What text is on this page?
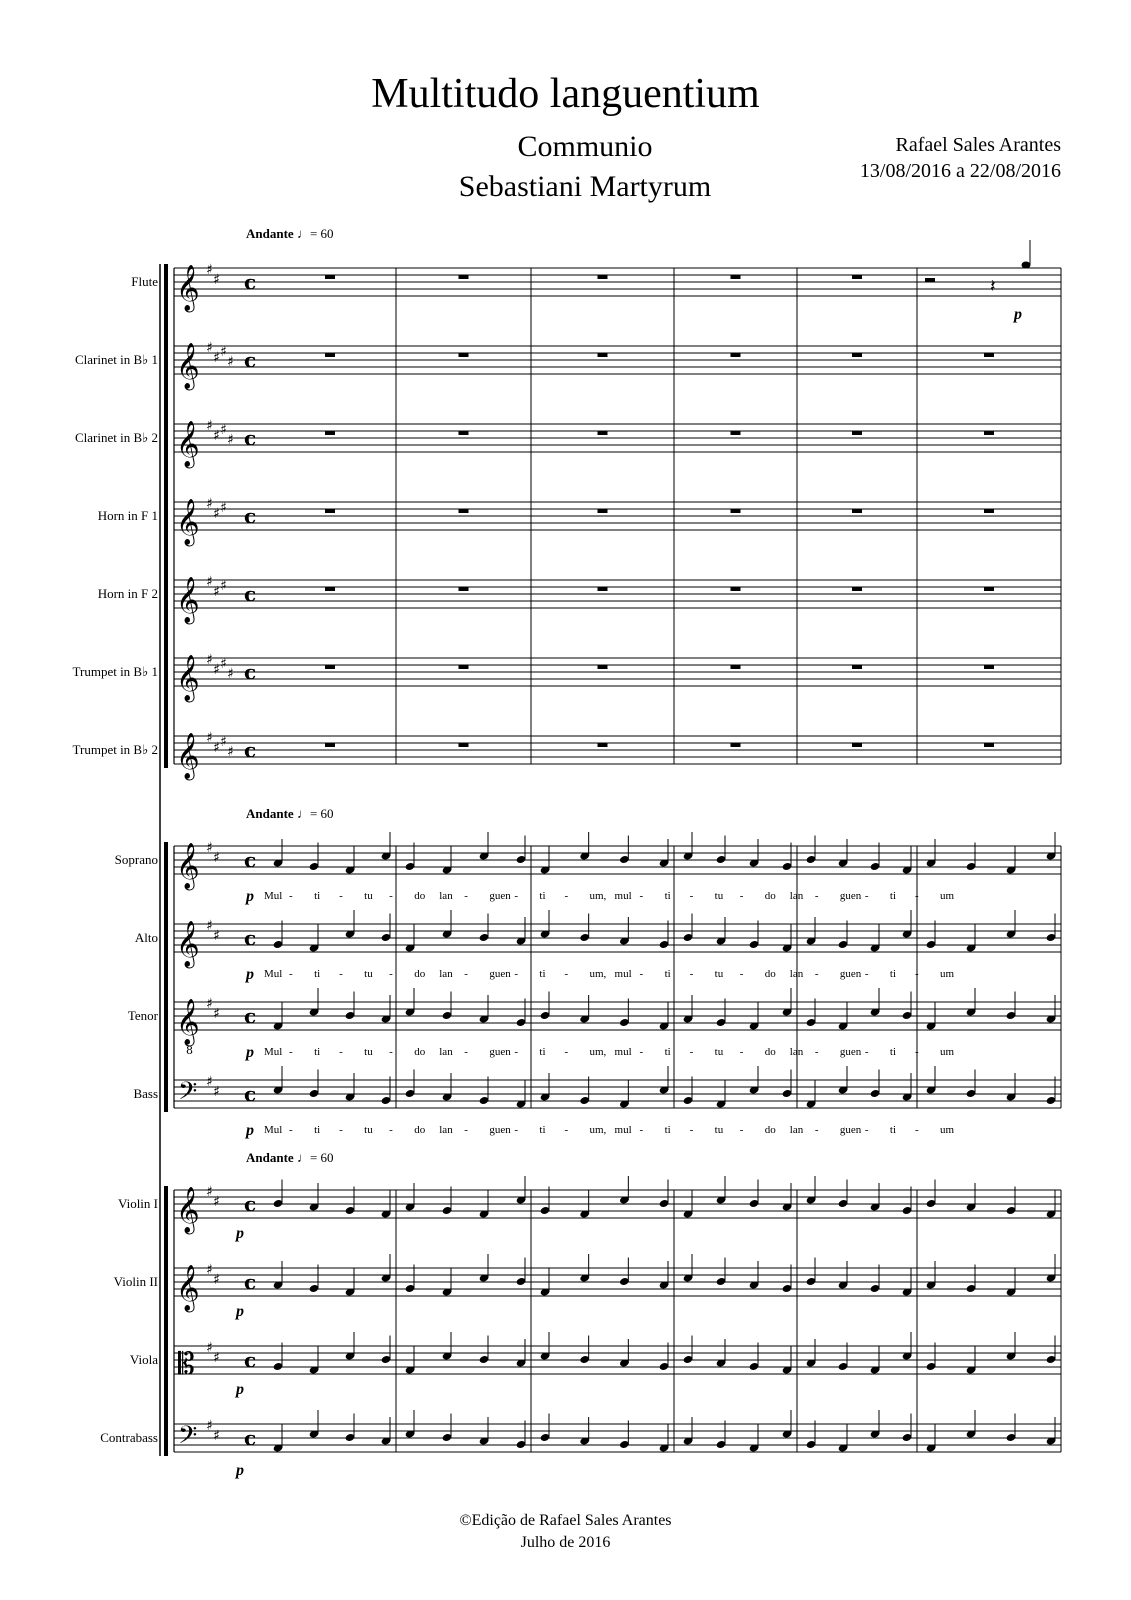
Multitudo languentium
Communio
Sebastiani Martyrum
Rafael Sales Arantes
13/08/2016 a 22/08/2016
𝄞 ♯
♯ c
𝄞 ♯
♯ ♯
♯ c
𝄞 ♯
♯ ♯
♯ c
𝄞 ♯
♯ ♯ c
𝄞 ♯
♯ ♯ c
𝄞 ♯
♯ ♯
♯ c
𝄞 ♯
♯ ♯
♯ c
𝄞 ♯
♯ c
𝄞 ♯
♯ c
𝄞
8
♯
♯ c
𝄢 ♯
♯ c
𝄞 ♯
♯ c
𝄞 ♯
♯ c
𝄡 ♯
♯ c
𝄢 ♯
♯ c
𝄽
Flute
Clarinet in B♭ 1
Clarinet in B♭ 2
Horn in F 1
Horn in F 2
Trumpet in B♭ 1
Trumpet in B♭ 2
Soprano
Alto
Tenor
Bass
Violin I
Violin II
Viola
Contrabass
Andante ♩= 60
Andante ♩= 60
Andante ♩= 60
p
p
p
p
p
p
p
p
p
Mul - ti - tu - do lan - guen - ti - um, mul - ti - tu - do lan - guen - ti - um
Mul - ti - tu - do lan - guen - ti - um, mul - ti - tu - do lan - guen - ti - um
Mul - ti - tu - do lan - guen - ti - um, mul - ti - tu - do lan - guen - ti - um
Mul - ti - tu - do lan - guen - ti - um, mul - ti - tu - do lan - guen - ti - um
©Edição de Rafael Sales Arantes
Julho de 2016
